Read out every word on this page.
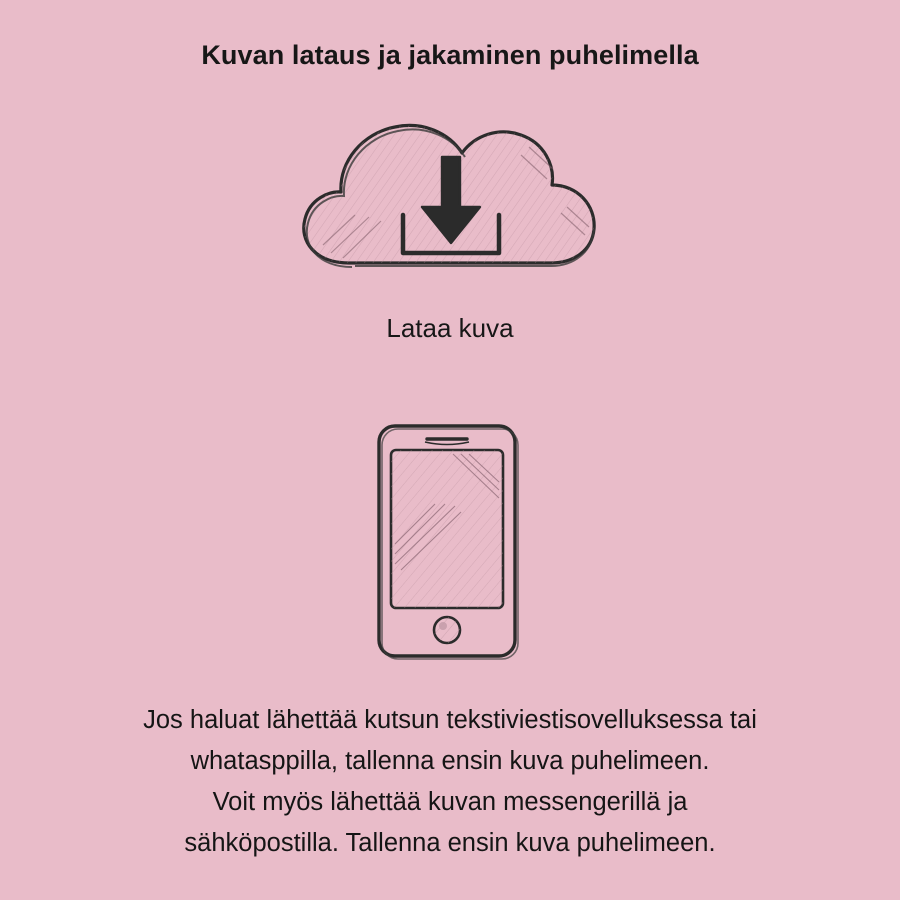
Kuvan lataus ja jakaminen puhelimella
Lataa kuva
Jos haluat lähettää kutsun tekstiviestisovelluksessa tai
whatasppilla, tallenna ensin kuva puhelimeen.
Voit myös lähettää kuvan messengerillä ja
sähköpostilla. Tallenna ensin kuva puhelimeen.
